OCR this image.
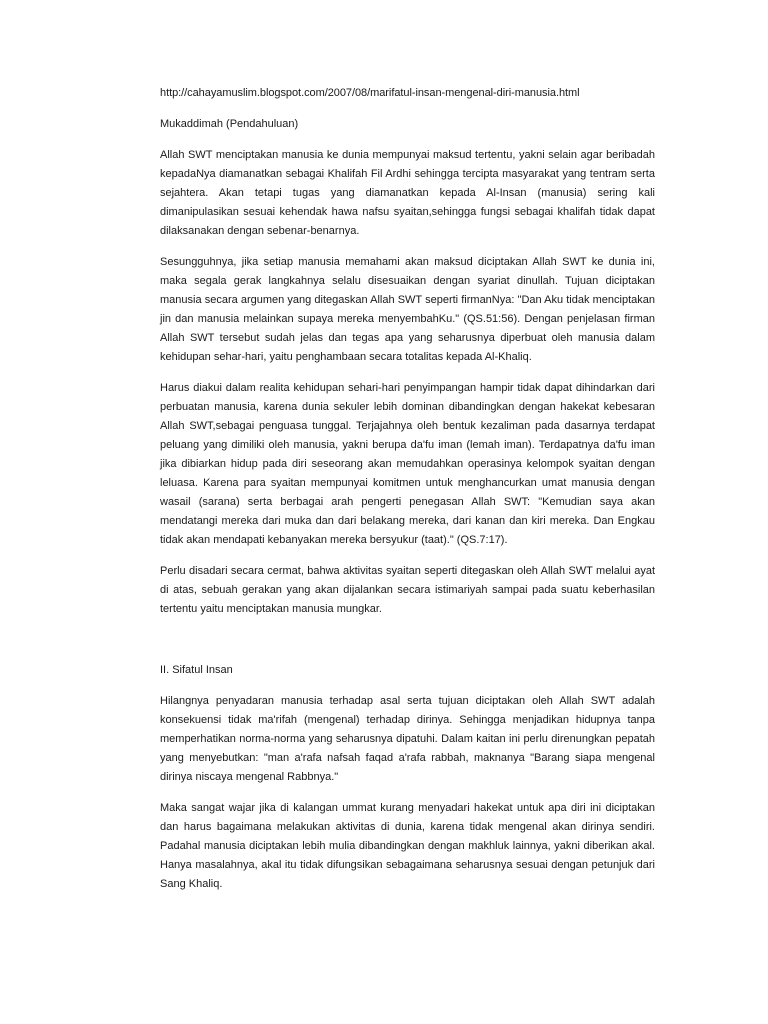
http://cahayamuslim.blogspot.com/2007/08/marifatul-insan-mengenal-diri-manusia.html
Mukaddimah (Pendahuluan)

Allah SWT menciptakan manusia ke dunia mempunyai maksud tertentu, yakni selain agar beribadah kepadaNya diamanatkan sebagai Khalifah Fil Ardhi sehingga tercipta masyarakat yang tentram serta sejahtera. Akan tetapi tugas yang diamanatkan kepada Al-Insan (manusia) sering kali dimanipulasikan sesuai kehendak hawa nafsu syaitan,sehingga fungsi sebagai khalifah tidak dapat dilaksanakan dengan sebenar-benarnya.

Sesungguhnya, jika setiap manusia memahami akan maksud diciptakan Allah SWT ke dunia ini, maka segala gerak langkahnya selalu disesuaikan dengan syariat dinullah. Tujuan diciptakan manusia secara argumen yang ditegaskan Allah SWT seperti firmanNya: "Dan Aku tidak menciptakan jin dan manusia melainkan supaya mereka menyembahKu." (QS.51:56). Dengan penjelasan firman Allah SWT tersebut sudah jelas dan tegas apa yang seharusnya diperbuat oleh manusia dalam kehidupan sehar-hari, yaitu penghambaan secara totalitas kepada Al-Khaliq.

Harus diakui dalam realita kehidupan sehari-hari penyimpangan hampir tidak dapat dihindarkan dari perbuatan manusia, karena dunia sekuler lebih dominan dibandingkan dengan hakekat kebesaran Allah SWT,sebagai penguasa tunggal. Terjajahnya oleh bentuk kezaliman pada dasarnya terdapat peluang yang dimiliki oleh manusia, yakni berupa da'fu iman (lemah iman). Terdapatnya da'fu iman jika dibiarkan hidup pada diri seseorang akan memudahkan operasinya kelompok syaitan dengan leluasa. Karena para syaitan mempunyai komitmen untuk menghancurkan umat manusia dengan wasail (sarana) serta berbagai arah pengerti penegasan Allah SWT: "Kemudian saya akan mendatangi mereka dari muka dan dari belakang mereka, dari kanan dan kiri mereka. Dan Engkau tidak akan mendapati kebanyakan mereka bersyukur (taat)." (QS.7:17).

Perlu disadari secara cermat, bahwa aktivitas syaitan seperti ditegaskan oleh Allah SWT melalui ayat di atas, sebuah gerakan yang akan dijalankan secara istimariyah sampai pada suatu keberhasilan tertentu yaitu menciptakan manusia mungkar.

II. Sifatul Insan

Hilangnya penyadaran manusia terhadap asal serta tujuan diciptakan oleh Allah SWT adalah konsekuensi tidak ma'rifah (mengenal) terhadap dirinya. Sehingga menjadikan hidupnya tanpa memperhatikan norma-norma yang seharusnya dipatuhi. Dalam kaitan ini perlu direnungkan pepatah yang menyebutkan: "man a'rafa nafsah faqad a'rafa rabbah, maknanya "Barang siapa mengenal dirinya niscaya mengenal Rabbnya."

Maka sangat wajar jika di kalangan ummat kurang menyadari hakekat untuk apa diri ini diciptakan dan harus bagaimana melakukan aktivitas di dunia, karena tidak mengenal akan dirinya sendiri. Padahal manusia diciptakan lebih mulia dibandingkan dengan makhluk lainnya, yakni diberikan akal. Hanya masalahnya, akal itu tidak difungsikan sebagaimana seharusnya sesuai dengan petunjuk dari Sang Khaliq.
